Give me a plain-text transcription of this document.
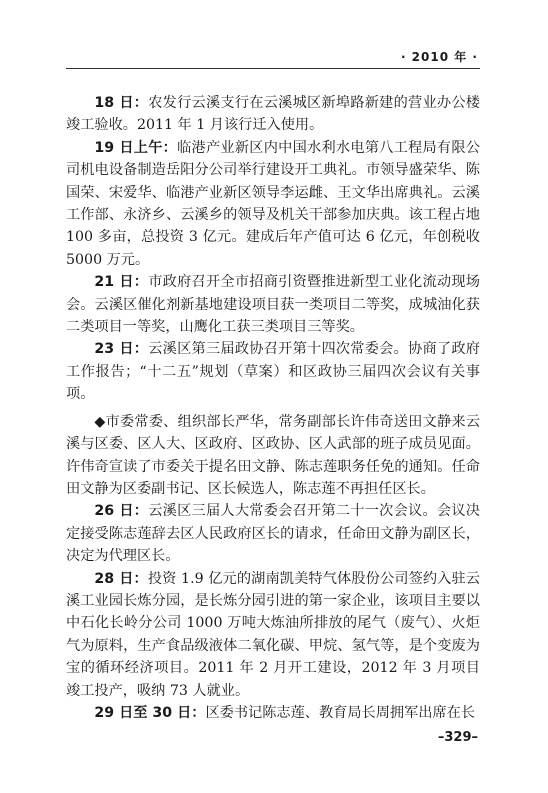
· 2010 年 ·

18 日：农发行云溪支行在云溪城区新埠路新建的营业办公楼竣工验收。2011 年 1 月该行迁入使用。

19 日上午：临港产业新区内中国水利水电第八工程局有限公司机电设备制造岳阳分公司举行建设开工典礼。市领导盛荣华、陈国荣、宋爱华、临港产业新区领导李运雌、王文华出席典礼。云溪工作部、永济乡、云溪乡的领导及机关干部参加庆典。该工程占地 100 多亩，总投资 3 亿元。建成后年产值可达 6 亿元，年创税收 5000 万元。

21 日：市政府召开全市招商引资暨推进新型工业化流动现场会。云溪区催化剂新基地建设项目获一类项目二等奖，成城油化获二类项目一等奖，山鹰化工获三类项目三等奖。

23 日：云溪区第三届政协召开第十四次常委会。协商了政府工作报告；“十二五”规划（草案）和区政协三届四次会议有关事项。

◆市委常委、组织部长严华，常务副部长许伟奇送田文静来云溪与区委、区人大、区政府、区政协、区人武部的班子成员见面。许伟奇宣读了市委关于提名田文静、陈志莲职务任免的通知。任命田文静为区委副书记、区长候选人，陈志莲不再担任区长。

26 日：云溪区三届人大常委会召开第二十一次会议。会议决定接受陈志莲辞去区人民政府区长的请求，任命田文静为副区长，决定为代理区长。

28 日：投资 1.9 亿元的湖南凯美特气体股份公司签约入驻云溪工业园长炼分园，是长炼分园引进的第一家企业，该项目主要以中石化长岭分公司 1000 万吨大炼油所排放的尾气（废气）、火炬气为原料，生产食品级液体二氧化碳、甲烷、氢气等，是个变废为宝的循环经济项目。2011 年 2 月开工建设，2012 年 3 月项目竣工投产，吸纳 73 人就业。

29 日至 30 日：区委书记陈志莲、教育局长周拥军出席在长

–329–
